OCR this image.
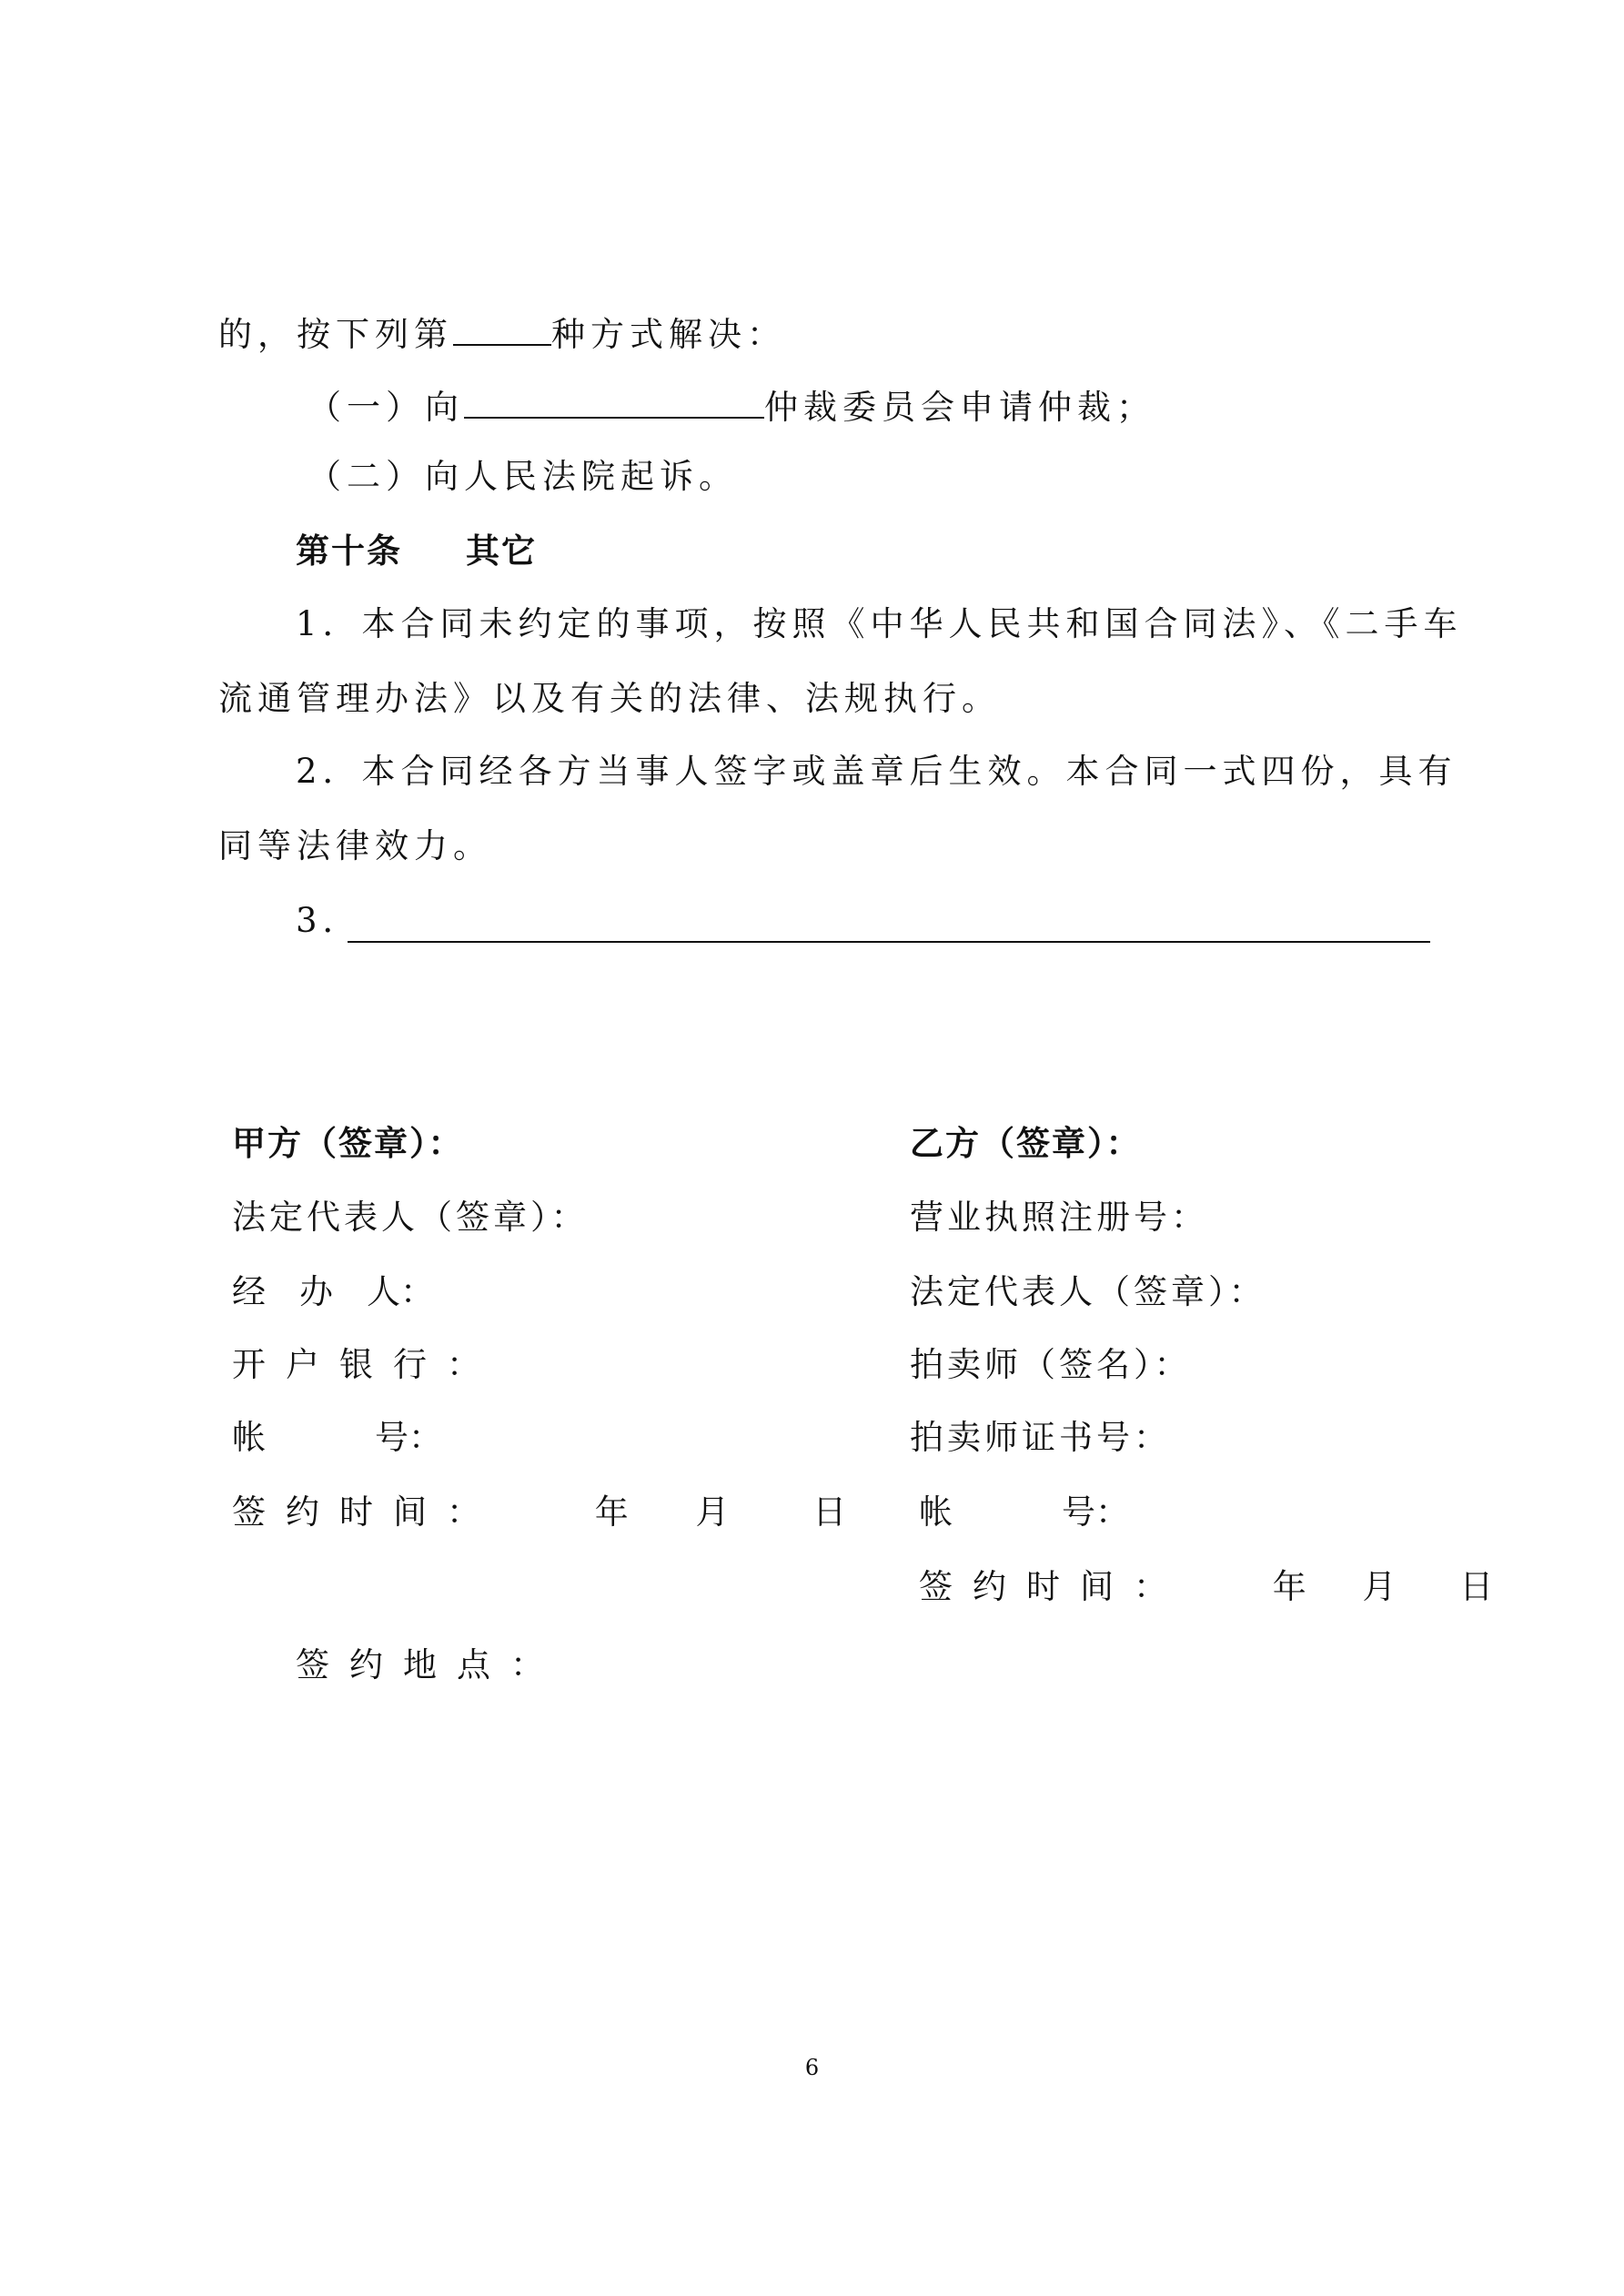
的，按下列第	种方式解决：
（一）向	仲裁委员会申请仲裁；
（二）向人民法院起诉。
第十条 其它
1．本合同未约定的事项，按照《中华人民共和国合同法》、《二手车
流通管理办法》以及有关的法律、法规执行。
2．本合同经各方当事人签字或盖章后生效。本合同一式四份，具有
同等法律效力。
3．
甲方（签章）：
法定代表人（签章）：
经　办　人：
开户银行：
帐	号：
签约时间：	年 月 日
乙方（签章）：
营业执照注册号：
法定代表人（签章）：
拍卖师（签名）：
拍卖师证书号：
帐	号：
签约时间：	年 月 日
签约地点：
6
